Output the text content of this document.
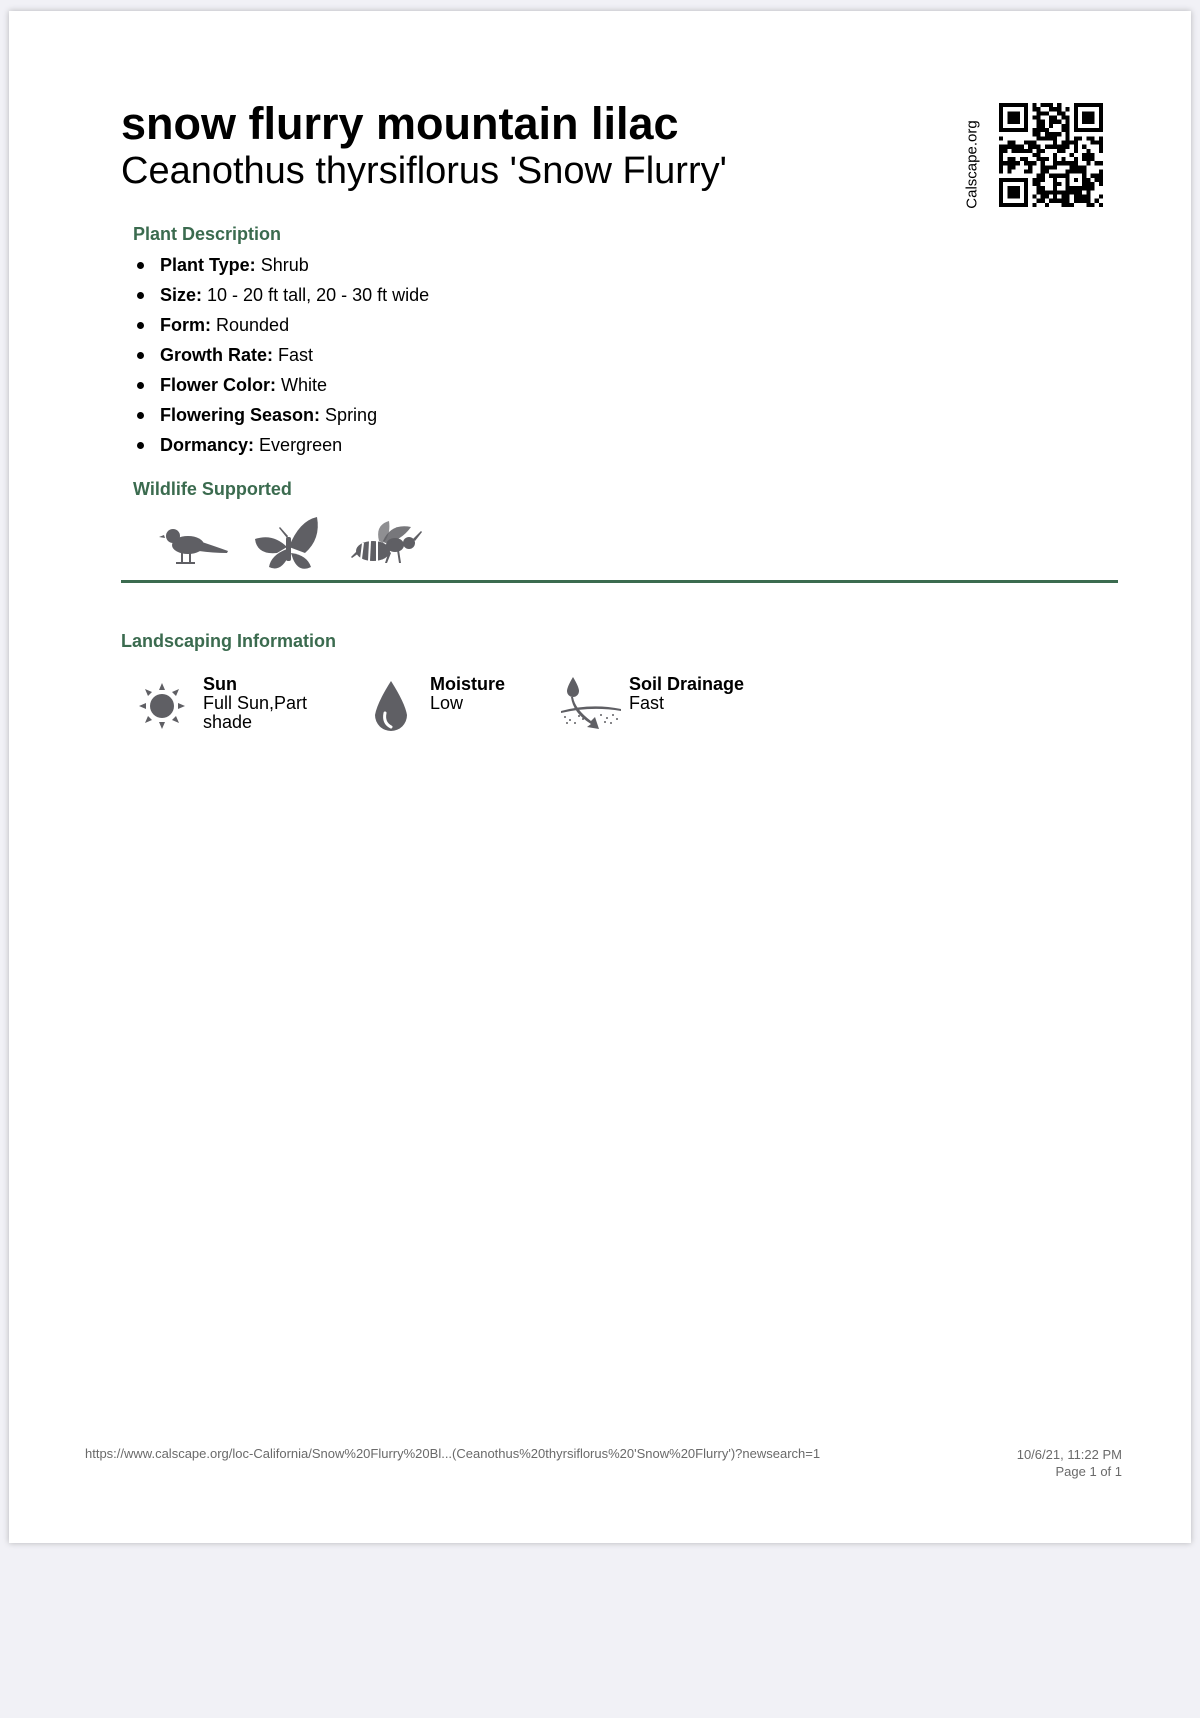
snow flurry mountain lilac
Ceanothus thyrsiflorus 'Snow Flurry'	Calscape.org
Plant Description
Plant Type: Shrub
Size: 10 - 20 ft tall, 20 - 30 ft wide
Form: Rounded
Growth Rate: Fast
Flower Color: White
Flowering Season: Spring
Dormancy: Evergreen
Wildlife Supported
Landscaping Information
Sun
Full Sun,Part
shade
Moisture
Low
Soil Drainage
Fast
https://www.calscape.org/loc-California/Snow%20Flurry%20Bl...(Ceanothus%20thyrsiflorus%20'Snow%20Flurry')?newsearch=1	10/6/21, 11:22 PM
Page 1 of 1
